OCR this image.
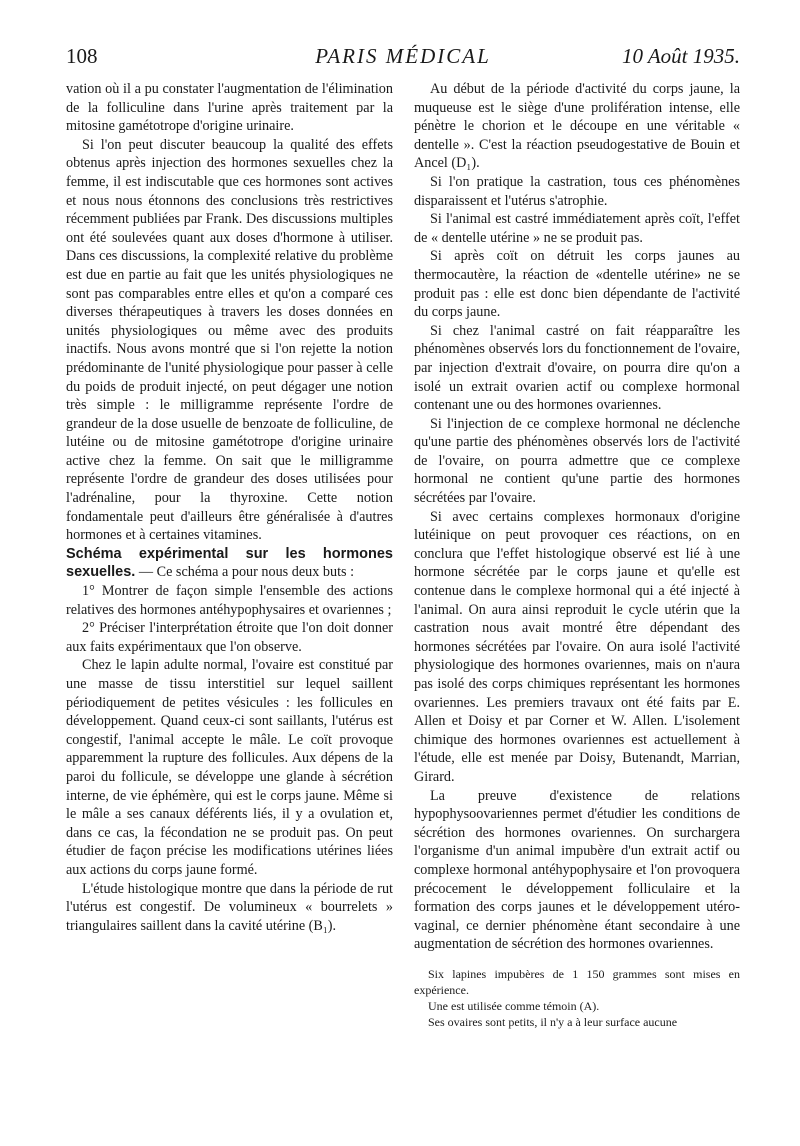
108	PARIS MÉDICAL	10 Août 1935.

vation où il a pu constater l'augmentation de l'élimination de la folliculine dans l'urine après traitement par la mitosine gamétotrope d'origine urinaire.

Si l'on peut discuter beaucoup la qualité des effets obtenus après injection des hormones sexuelles chez la femme, il est indiscutable que ces hormones sont actives et nous nous étonnons des conclusions très restrictives récemment publiées par Frank. Des discussions multiples ont été soulevées quant aux doses d'hormone à utiliser. Dans ces discussions, la complexité relative du problème est due en partie au fait que les unités physiologiques ne sont pas comparables entre elles et qu'on a comparé ces diverses thérapeutiques à travers les doses données en unités physiologiques ou même avec des produits inactifs. Nous avons montré que si l'on rejette la notion prédominante de l'unité physiologique pour passer à celle du poids de produit injecté, on peut dégager une notion très simple : le milligramme représente l'ordre de grandeur de la dose usuelle de benzoate de folliculine, de lutéine ou de mitosine gamétotrope d'origine urinaire active chez la femme. On sait que le milligramme représente l'ordre de grandeur des doses utilisées pour l'adrénaline, pour la thyroxine. Cette notion fondamentale peut d'ailleurs être généralisée à d'autres hormones et à certaines vitamines.

Schéma expérimental sur les hormones sexuelles. — Ce schéma a pour nous deux buts :

1° Montrer de façon simple l'ensemble des actions relatives des hormones antéhypophysaires et ovariennes ;

2° Préciser l'interprétation étroite que l'on doit donner aux faits expérimentaux que l'on observe.

Chez le lapin adulte normal, l'ovaire est constitué par une masse de tissu interstitiel sur lequel saillent périodiquement de petites vésicules : les follicules en développement. Quand ceux-ci sont saillants, l'utérus est congestif, l'animal accepte le mâle. Le coït provoque apparemment la rupture des follicules. Aux dépens de la paroi du follicule, se développe une glande à sécrétion interne, de vie éphémère, qui est le corps jaune. Même si le mâle a ses canaux déférents liés, il y a ovulation et, dans ce cas, la fécondation ne se produit pas. On peut étudier de façon précise les modifications utérines liées aux actions du corps jaune formé.

L'étude histologique montre que dans la période de rut l'utérus est congestif. De volumineux « bourrelets » triangulaires saillent dans la cavité utérine (B₁).

Au début de la période d'activité du corps jaune, la muqueuse est le siège d'une prolifération intense, elle pénètre le chorion et le découpe en une véritable « dentelle ». C'est la réaction pseudogestative de Bouin et Ancel (D₁).

Si l'on pratique la castration, tous ces phénomènes disparaissent et l'utérus s'atrophie.

Si l'animal est castré immédiatement après coït, l'effet de « dentelle utérine » ne se produit pas.

Si après coït on détruit les corps jaunes au thermocautère, la réaction de «dentelle utérine» ne se produit pas : elle est donc bien dépendante de l'activité du corps jaune.

Si chez l'animal castré on fait réapparaître les phénomènes observés lors du fonctionnement de l'ovaire, par injection d'extrait d'ovaire, on pourra dire qu'on a isolé un extrait ovarien actif ou complexe hormonal contenant une ou des hormones ovariennes.

Si l'injection de ce complexe hormonal ne déclenche qu'une partie des phénomènes observés lors de l'activité de l'ovaire, on pourra admettre que ce complexe hormonal ne contient qu'une partie des hormones sécrétées par l'ovaire.

Si avec certains complexes hormonaux d'origine lutéinique on peut provoquer ces réactions, on en conclura que l'effet histologique observé est lié à une hormone sécrétée par le corps jaune et qu'elle est contenue dans le complexe hormonal qui a été injecté à l'animal. On aura ainsi reproduit le cycle utérin que la castration nous avait montré être dépendant des hormones sécrétées par l'ovaire. On aura isolé l'activité physiologique des hormones ovariennes, mais on n'aura pas isolé des corps chimiques représentant les hormones ovariennes. Les premiers travaux ont été faits par E. Allen et Doisy et par Corner et W. Allen. L'isolement chimique des hormones ovariennes est actuellement à l'étude, elle est menée par Doisy, Butenandt, Marrian, Girard.

La preuve d'existence de relations hypophysoovariennes permet d'étudier les conditions de sécrétion des hormones ovariennes. On surchargera l'organisme d'un animal impubère d'un extrait actif ou complexe hormonal antéhypophysaire et l'on provoquera précocement le développement folliculaire et la formation des corps jaunes et le développement utéro-vaginal, ce dernier phénomène étant secondaire à une augmentation de sécrétion des hormones ovariennes.

Six lapines impubères de 1 150 grammes sont mises en expérience.

Une est utilisée comme témoin (A).

Ses ovaires sont petits, il n'y a à leur surface aucune
